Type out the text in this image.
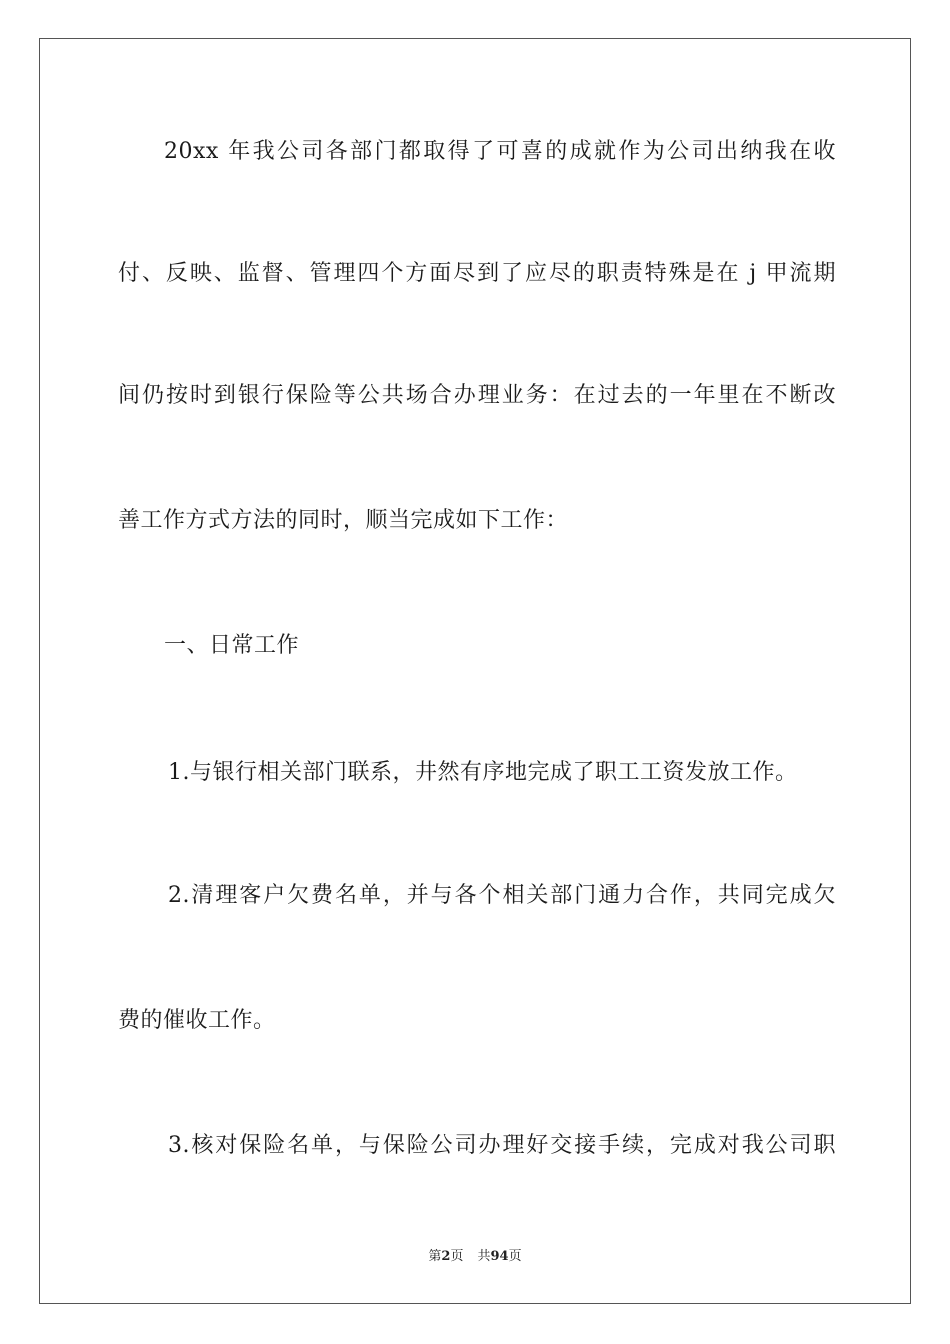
20xx 年我公司各部门都取得了可喜的成就作为公司出纳我在收
付、反映、监督、管理四个方面尽到了应尽的职责特殊是在 j 甲流期
间仍按时到银行保险等公共场合办理业务：在过去的一年里在不断改
善工作方式方法的同时，顺当完成如下工作：
一、日常工作
1.与银行相关部门联系，井然有序地完成了职工工资发放工作。
2.清理客户欠费名单，并与各个相关部门通力合作，共同完成欠
费的催收工作。
3.核对保险名单，与保险公司办理好交接手续，完成对我公司职
第2页 共94页
